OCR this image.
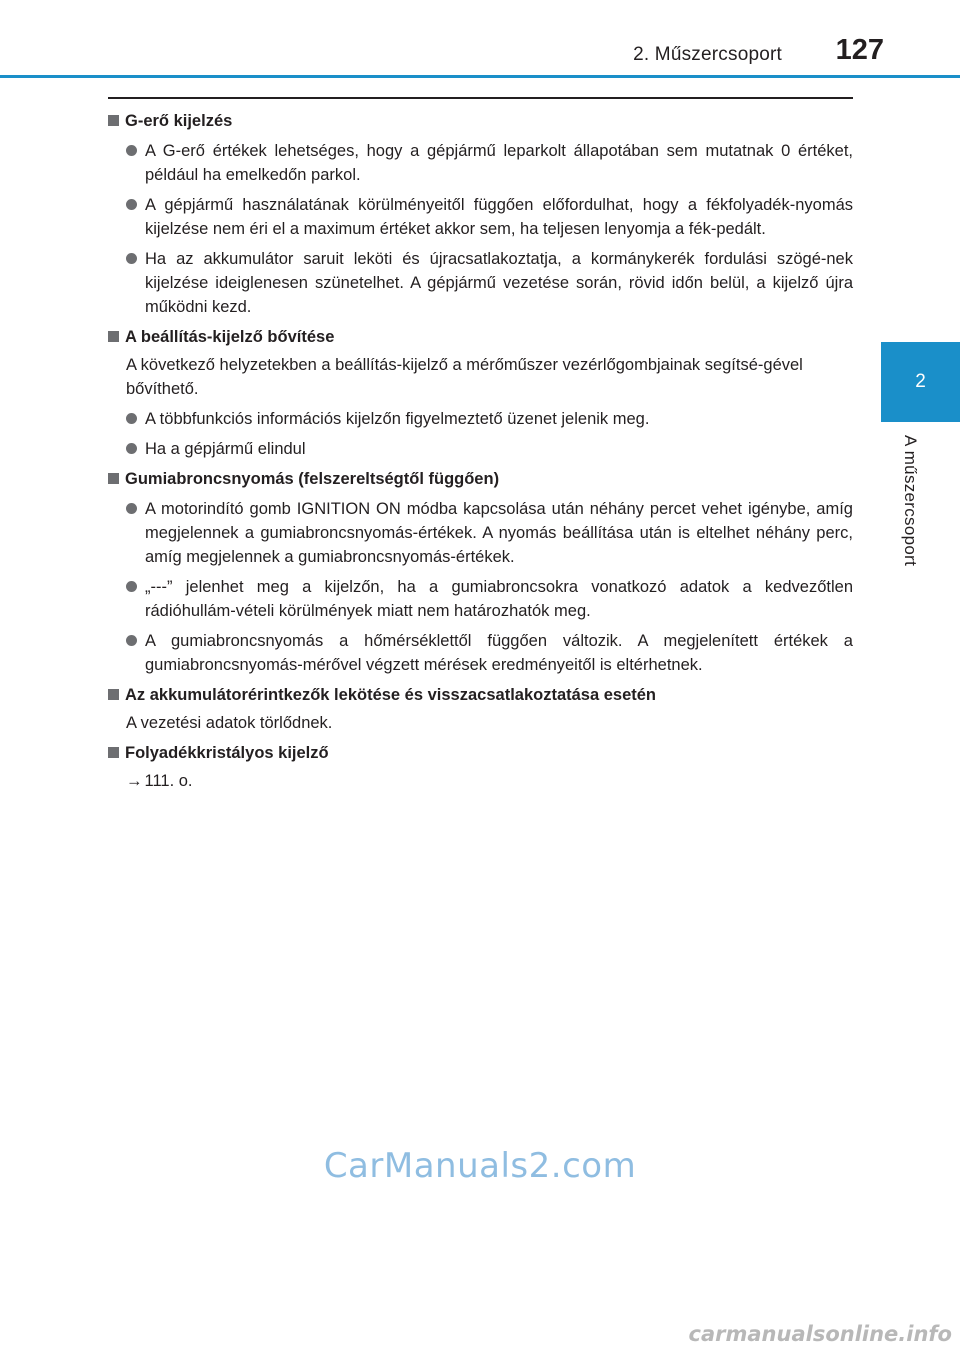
2. Műszercsoport 127
2
A műszercsoport
G-erő kijelzés
A G-erő értékek lehetséges, hogy a gépjármű leparkolt állapotában sem mutatnak 0 értéket, például ha emelkedőn parkol.
A gépjármű használatának körülményeitől függően előfordulhat, hogy a fékfolyadék-nyomás kijelzése nem éri el a maximum értéket akkor sem, ha teljesen lenyomja a fék-pedált.
Ha az akkumulátor saruit leköti és újracsatlakoztatja, a kormánykerék fordulási szögé-nek kijelzése ideiglenesen szünetelhet. A gépjármű vezetése során, rövid időn belül, a kijelző újra működni kezd.
A beállítás-kijelző bővítése
A következő helyzetekben a beállítás-kijelző a mérőműszer vezérlőgombjainak segítsé-gével bővíthető.
A többfunkciós információs kijelzőn figyelmeztető üzenet jelenik meg.
Ha a gépjármű elindul
Gumiabroncsnyomás (felszereltségtől függően)
A motorindító gomb IGNITION ON módba kapcsolása után néhány percet vehet igénybe, amíg megjelennek a gumiabroncsnyomás-értékek. A nyomás beállítása után is eltelhet néhány perc, amíg megjelennek a gumiabroncsnyomás-értékek.
„---” jelenhet meg a kijelzőn, ha a gumiabroncsokra vonatkozó adatok a kedvezőtlen rádióhullám-vételi körülmények miatt nem határozhatók meg.
A gumiabroncsnyomás a hőmérséklettől függően változik. A megjelenített értékek a gumiabroncsnyomás-mérővel végzett mérések eredményeitől is eltérhetnek.
Az akkumulátorérintkezők lekötése és visszacsatlakoztatása esetén
A vezetési adatok törlődnek.
Folyadékkristályos kijelző
→ 111. o.
CarManuals2.com
carmanualsonline.info
